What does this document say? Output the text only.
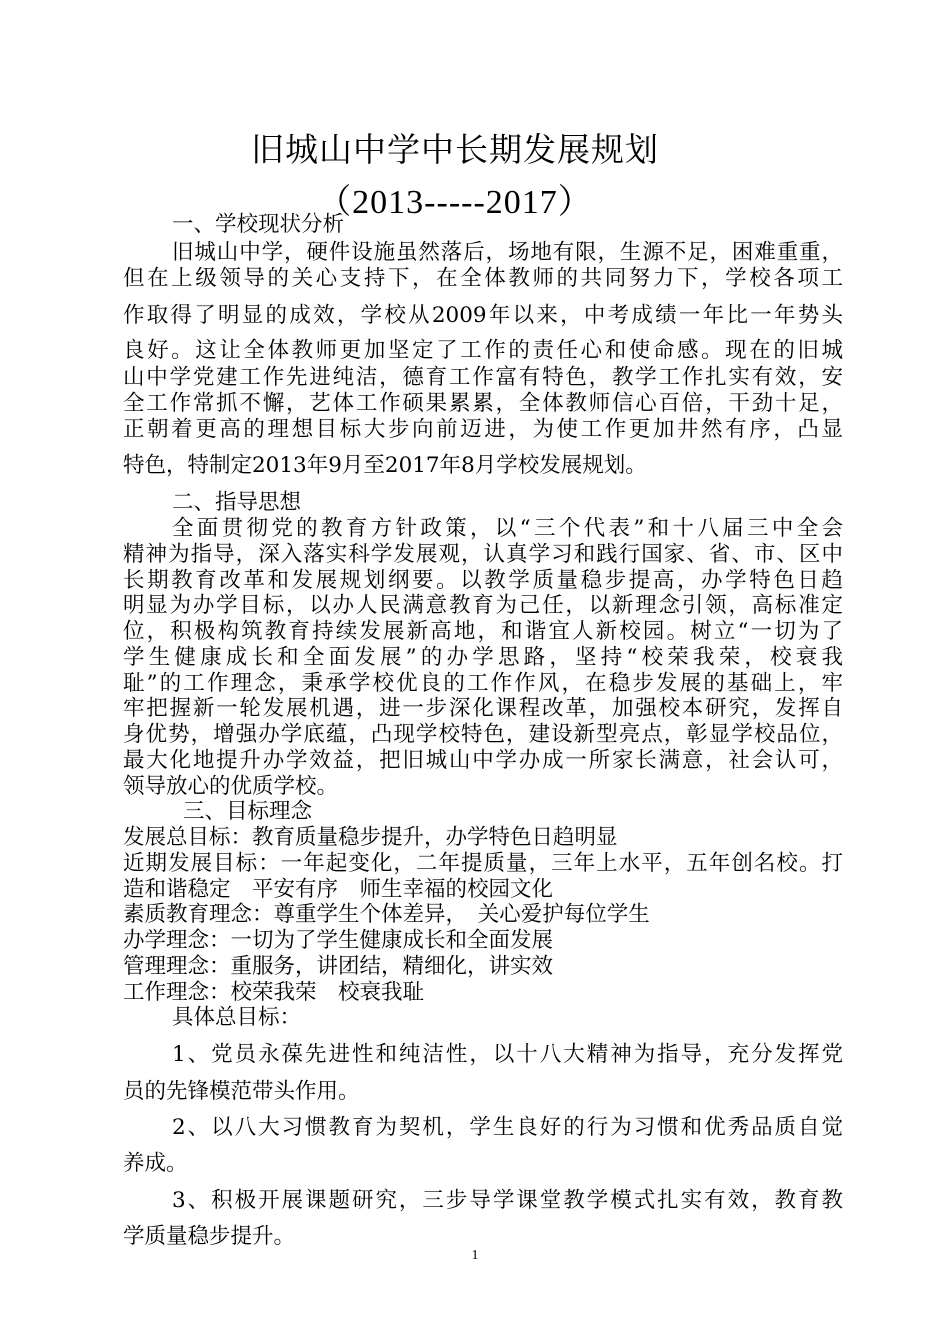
旧城山中学中长期发展规划
（2013-----2017）
一、学校现状分析
旧城山中学，硬件设施虽然落后，场地有限，生源不足，困难重重，
但在上级领导的关心支持下，在全体教师的共同努力下，学校各项工
作取得了明显的成效，学校从2009年以来，中考成绩一年比一年势头
良好。这让全体教师更加坚定了工作的责任心和使命感。现在的旧城
山中学党建工作先进纯洁，德育工作富有特色，教学工作扎实有效，安
全工作常抓不懈，艺体工作硕果累累，全体教师信心百倍，干劲十足，
正朝着更高的理想目标大步向前迈进，为使工作更加井然有序，凸显
特色，特制定2013年9月至2017年8月学校发展规划。
二、指导思想
全面贯彻党的教育方针政策，以“三个代表”和十八届三中全会
精神为指导，深入落实科学发展观，认真学习和践行国家、省、市、区中
长期教育改革和发展规划纲要。以教学质量稳步提高，办学特色日趋
明显为办学目标，以办人民满意教育为己任，以新理念引领，高标准定
位，积极构筑教育持续发展新高地，和谐宜人新校园。树立“一切为了
学生健康成长和全面发展”的办学思路，坚持“校荣我荣，校衰我
耻”的工作理念，秉承学校优良的工作作风，在稳步发展的基础上，牢
牢把握新一轮发展机遇，进一步深化课程改革，加强校本研究，发挥自
身优势，增强办学底蕴，凸现学校特色，建设新型亮点，彰显学校品位，
最大化地提升办学效益，把旧城山中学办成一所家长满意，社会认可，
领导放心的优质学校。
三、目标理念
发展总目标：教育质量稳步提升，办学特色日趋明显
近期发展目标：一年起变化，二年提质量，三年上水平，五年创名校。打
造和谐稳定　平安有序　师生幸福的校园文化
素质教育理念：尊重学生个体差异，　关心爱护每位学生
办学理念：一切为了学生健康成长和全面发展
管理理念：重服务，讲团结，精细化，讲实效
工作理念：校荣我荣　校衰我耻
具体总目标：
1、党员永葆先进性和纯洁性，以十八大精神为指导，充分发挥党
员的先锋模范带头作用。
2、以八大习惯教育为契机，学生良好的行为习惯和优秀品质自觉
养成。
3、积极开展课题研究，三步导学课堂教学模式扎实有效，教育教
学质量稳步提升。
1
